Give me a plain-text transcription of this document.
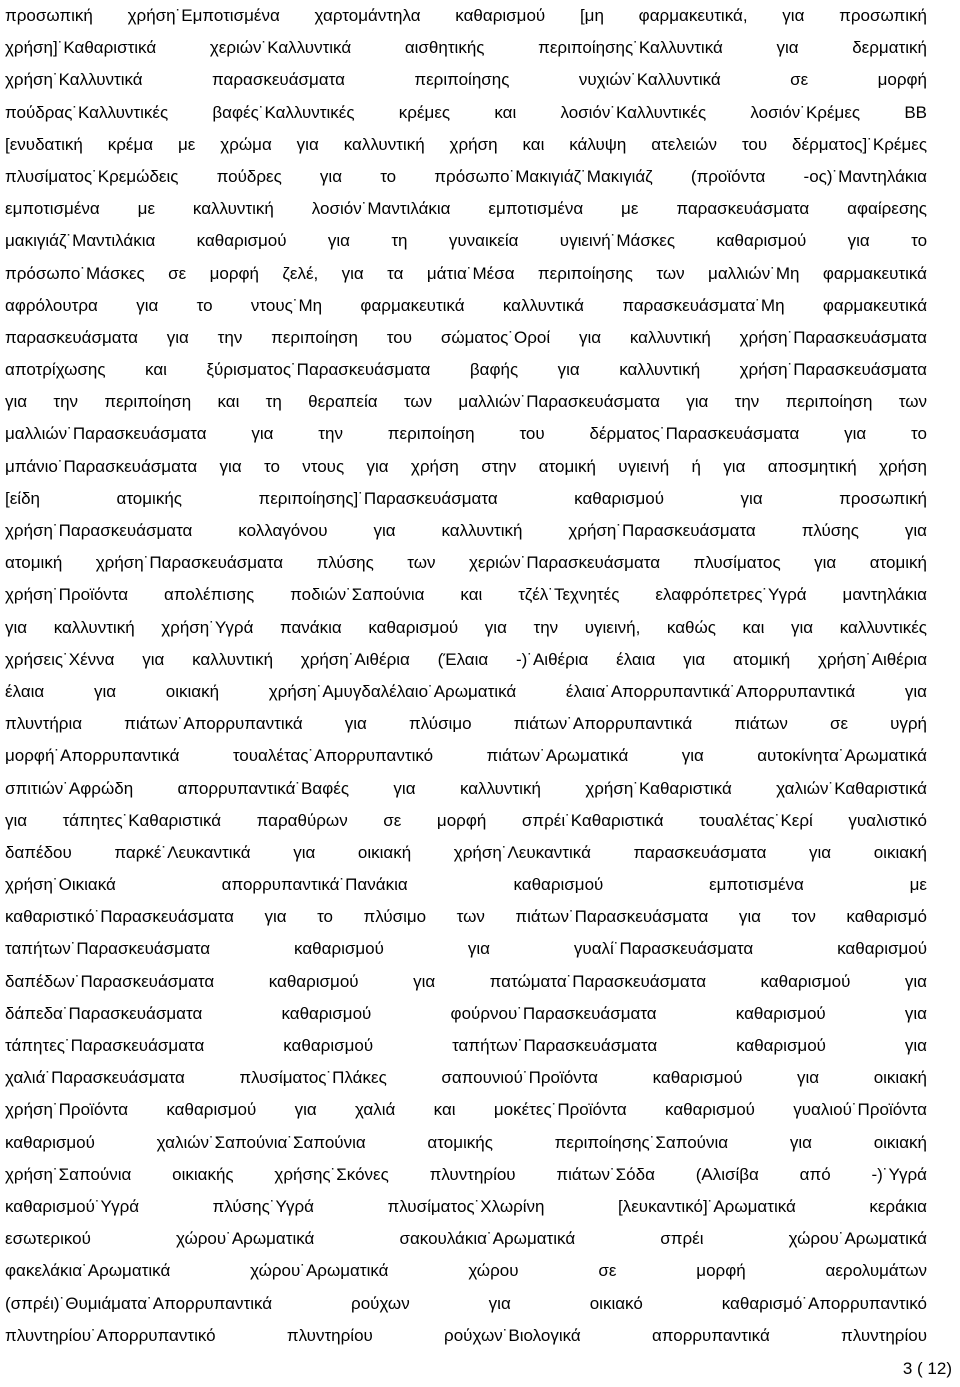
προσωπική χρήση˙Εμποτισμένα χαρτομάντηλα καθαρισμού [μη φαρμακευτικά, για προσωπική
χρήση]˙Καθαριστικά χεριών˙Καλλυντικά αισθητικής περιποίησης˙Καλλυντικά για δερματική
χρήση˙Καλλυντικά παρασκευάσματα περιποίησης νυχιών˙Καλλυντικά σε μορφή
πούδρας˙Καλλυντικές βαφές˙Καλλυντικές κρέμες και λοσιόν˙Καλλυντικές λοσιόν˙Κρέμες BB
[ενυδατική κρέμα με χρώμα για καλλυντική χρήση και κάλυψη ατελειών του δέρματος]˙Κρέμες
πλυσίματος˙Κρεμώδεις πούδρες για το πρόσωπο˙Μακιγιάζ˙Μακιγιάζ (προϊόντα -ος)˙Μαντηλάκια
εμποτισμένα με καλλυντική λοσιόν˙Μαντιλάκια εμποτισμένα με παρασκευάσματα αφαίρεσης
μακιγιάζ˙Μαντιλάκια καθαρισμού για τη γυναικεία υγιεινή˙Μάσκες καθαρισμού για το
πρόσωπο˙Μάσκες σε μορφή ζελέ, για τα μάτια˙Μέσα περιποίησης των μαλλιών˙Μη φαρμακευτικά
αφρόλουτρα για το ντους˙Μη φαρμακευτικά καλλυντικά παρασκευάσματα˙Μη φαρμακευτικά
παρασκευάσματα για την περιποίηση του σώματος˙Οροί για καλλυντική χρήση˙Παρασκευάσματα
αποτρίχωσης και ξύρισματος˙Παρασκευάσματα βαφής για καλλυντική χρήση˙Παρασκευάσματα
για την περιποίηση και τη θεραπεία των μαλλιών˙Παρασκευάσματα για την περιποίηση των
μαλλιών˙Παρασκευάσματα για την περιποίηση του δέρματος˙Παρασκευάσματα για το
μπάνιο˙Παρασκευάσματα για το ντους για χρήση στην ατομική υγιεινή ή για αποσμητική χρήση
[είδη ατομικής περιποίησης]˙Παρασκευάσματα καθαρισμού για προσωπική
χρήση˙Παρασκευάσματα κολλαγόνου για καλλυντική χρήση˙Παρασκευάσματα πλύσης για
ατομική χρήση˙Παρασκευάσματα πλύσης των χεριών˙Παρασκευάσματα πλυσίματος για ατομική
χρήση˙Προϊόντα απολέπισης ποδιών˙Σαπούνια και τζέλ˙Τεχνητές ελαφρόπετρες˙Υγρά μαντηλάκια
για καλλυντική χρήση˙Υγρά πανάκια καθαρισμού για την υγιεινή, καθώς και για καλλυντικές
χρήσεις˙Χέννα για καλλυντική χρήση˙Αιθέρια (Έλαια -)˙Αιθέρια έλαια για ατομική χρήση˙Αιθέρια
έλαια για οικιακή χρήση˙Αμυγδαλέλαιο˙Αρωματικά έλαια˙Απορρυπαντικά˙Απορρυπαντικά για
πλυντήρια πιάτων˙Απορρυπαντικά για πλύσιμο πιάτων˙Απορρυπαντικά πιάτων σε υγρή
μορφή˙Απορρυπαντικά τουαλέτας˙Απορρυπαντικό πιάτων˙Αρωματικά για αυτοκίνητα˙Αρωματικά
σπιτιών˙Αφρώδη απορρυπαντικά˙Βαφές για καλλυντική χρήση˙Καθαριστικά χαλιών˙Καθαριστικά
για τάπητες˙Καθαριστικά παραθύρων σε μορφή σπρέι˙Καθαριστικά τουαλέτας˙Κερί γυαλιστικό
δαπέδου παρκέ˙Λευκαντικά για οικιακή χρήση˙Λευκαντικά παρασκευάσματα για οικιακή
χρήση˙Οικιακά απορρυπαντικά˙Πανάκια καθαρισμού εμποτισμένα με
καθαριστικό˙Παρασκευάσματα για το πλύσιμο των πιάτων˙Παρασκευάσματα για τον καθαρισμό
ταπήτων˙Παρασκευάσματα καθαρισμού για γυαλί˙Παρασκευάσματα καθαρισμού
δαπέδων˙Παρασκευάσματα καθαρισμού για πατώματα˙Παρασκευάσματα καθαρισμού για
δάπεδα˙Παρασκευάσματα καθαρισμού φούρνου˙Παρασκευάσματα καθαρισμού για
τάπητες˙Παρασκευάσματα καθαρισμού ταπήτων˙Παρασκευάσματα καθαρισμού για
χαλιά˙Παρασκευάσματα πλυσίματος˙Πλάκες σαπουνιού˙Προϊόντα καθαρισμού για οικιακή
χρήση˙Προϊόντα καθαρισμού για χαλιά και μοκέτες˙Προϊόντα καθαρισμού γυαλιού˙Προϊόντα
καθαρισμού χαλιών˙Σαπούνια˙Σαπούνια ατομικής περιποίησης˙Σαπούνια για οικιακή
χρήση˙Σαπούνια οικιακής χρήσης˙Σκόνες πλυντηρίου πιάτων˙Σόδα (Αλισίβα από -)˙Υγρά
καθαρισμού˙Υγρά πλύσης˙Υγρά πλυσίματος˙Χλωρίνη [λευκαντικό]˙Αρωματικά κεράκια
εσωτερικού χώρου˙Αρωματικά σακουλάκια˙Αρωματικά σπρέι χώρου˙Αρωματικά
φακελάκια˙Αρωματικά χώρου˙Αρωματικά χώρου σε μορφή αερολυμάτων
(σπρέι)˙Θυμιάματα˙Απορρυπαντικά ρούχων για οικιακό καθαρισμό˙Απορρυπαντικό
πλυντηρίου˙Απορρυπαντικό πλυντηρίου ρούχων˙Βιολογικά απορρυπαντικά πλυντηρίου
3 ( 12)
